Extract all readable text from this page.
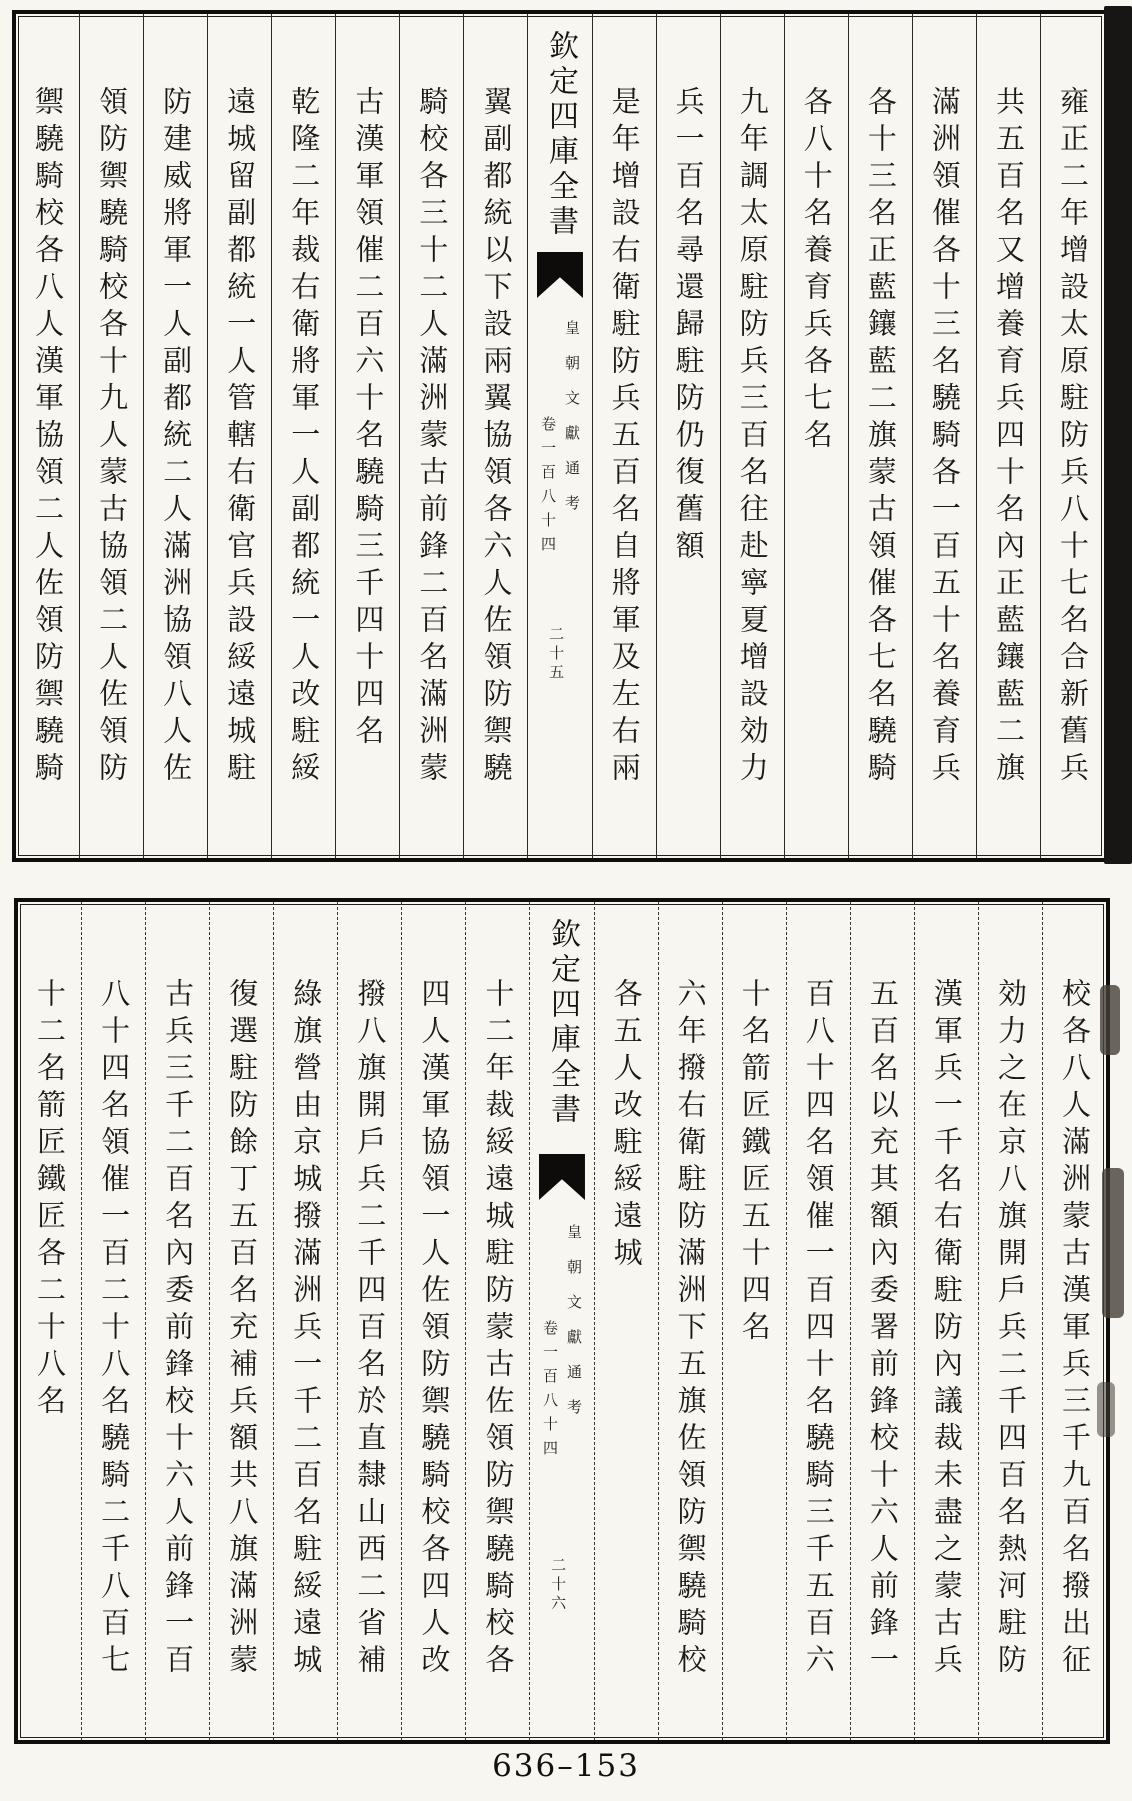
雍正二年增設太原駐防兵八十七名合新舊兵
共五百名又增養育兵四十名內正藍鑲藍二旗
滿洲領催各十三名驍騎各一百五十名養育兵
各十三名正藍鑲藍二旗蒙古領催各七名驍騎
各八十名養育兵各七名
九年調太原駐防兵三百名往赴寧夏增設効力
兵一百名尋還歸駐防仍復舊額
是年增設右衛駐防兵五百名自將軍及左右兩
欽定四庫全書
皇朝文獻通考
卷一百八十四
二十五
翼副都統以下設兩翼協領各六人佐領防禦驍
騎校各三十二人滿洲蒙古前鋒二百名滿洲蒙
古漢軍領催二百六十名驍騎三千四十四名
乾隆二年裁右衛將軍一人副都統一人改駐綏
遠城留副都統一人管轄右衛官兵設綏遠城駐
防建威將軍一人副都統二人滿洲協領八人佐
領防禦驍騎校各十九人蒙古協領二人佐領防
禦驍騎校各八人漢軍協領二人佐領防禦驍騎
校各八人滿洲蒙古漢軍兵三千九百名撥出征
効力之在京八旗開戶兵二千四百名熱河駐防
漢軍兵一千名右衛駐防內議裁未盡之蒙古兵
五百名以充其額內委署前鋒校十六人前鋒一
百八十四名領催一百四十名驍騎三千五百六
十名箭匠鐵匠五十四名
六年撥右衛駐防滿洲下五旗佐領防禦驍騎校
各五人改駐綏遠城
欽定四庫全書
皇朝文獻通考
卷一百八十四
二十六
十二年裁綏遠城駐防蒙古佐領防禦驍騎校各
四人漢軍協領一人佐領防禦驍騎校各四人改
撥八旗開戶兵二千四百名於直隸山西二省補
綠旗營由京城撥滿洲兵一千二百名駐綏遠城
復選駐防餘丁五百名充補兵額共八旗滿洲蒙
古兵三千二百名內委前鋒校十六人前鋒一百
八十四名領催一百二十八名驍騎二千八百七
十二名箭匠鐵匠各二十八名
636–153
